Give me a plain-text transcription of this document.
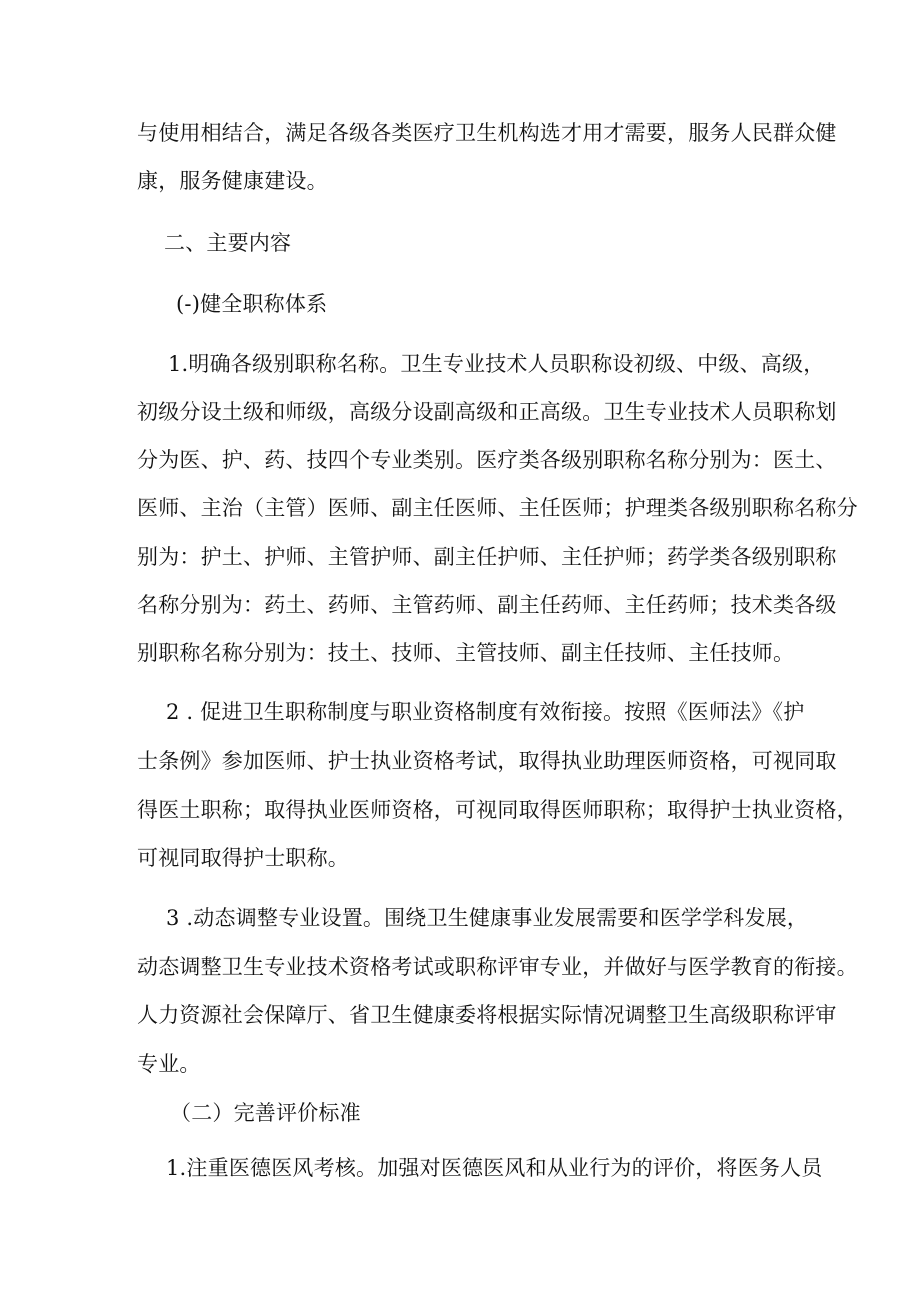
与使用相结合，满足各级各类医疗卫生机构选才用才需要，服务人民群众健
康，服务健康建设。
二、主要内容
(-)健全职称体系
1.明确各级别职称名称。卫生专业技术人员职称设初级、中级、高级，
初级分设土级和师级，高级分设副高级和正高级。卫生专业技术人员职称划
分为医、护、药、技四个专业类别。医疗类各级别职称名称分别为：医土、
医师、主治（主管）医师、副主任医师、主任医师；护理类各级别职称名称分
别为：护土、护师、主管护师、副主任护师、主任护师；药学类各级别职称
名称分别为：药土、药师、主管药师、副主任药师、主任药师；技术类各级
别职称名称分别为：技土、技师、主管技师、副主任技师、主任技师。
2 . 促进卫生职称制度与职业资格制度有效衔接。按照《医师法》《护
士条例》参加医师、护士执业资格考试，取得执业助理医师资格，可视同取
得医土职称；取得执业医师资格，可视同取得医师职称；取得护士执业资格，
可视同取得护士职称。
3 .动态调整专业设置。围绕卫生健康事业发展需要和医学学科发展，
动态调整卫生专业技术资格考试或职称评审专业，并做好与医学教育的衔接。
人力资源社会保障厅、省卫生健康委将根据实际情况调整卫生高级职称评审
专业。
（二）完善评价标准
1.注重医德医风考核。加强对医德医风和从业行为的评价，将医务人员
